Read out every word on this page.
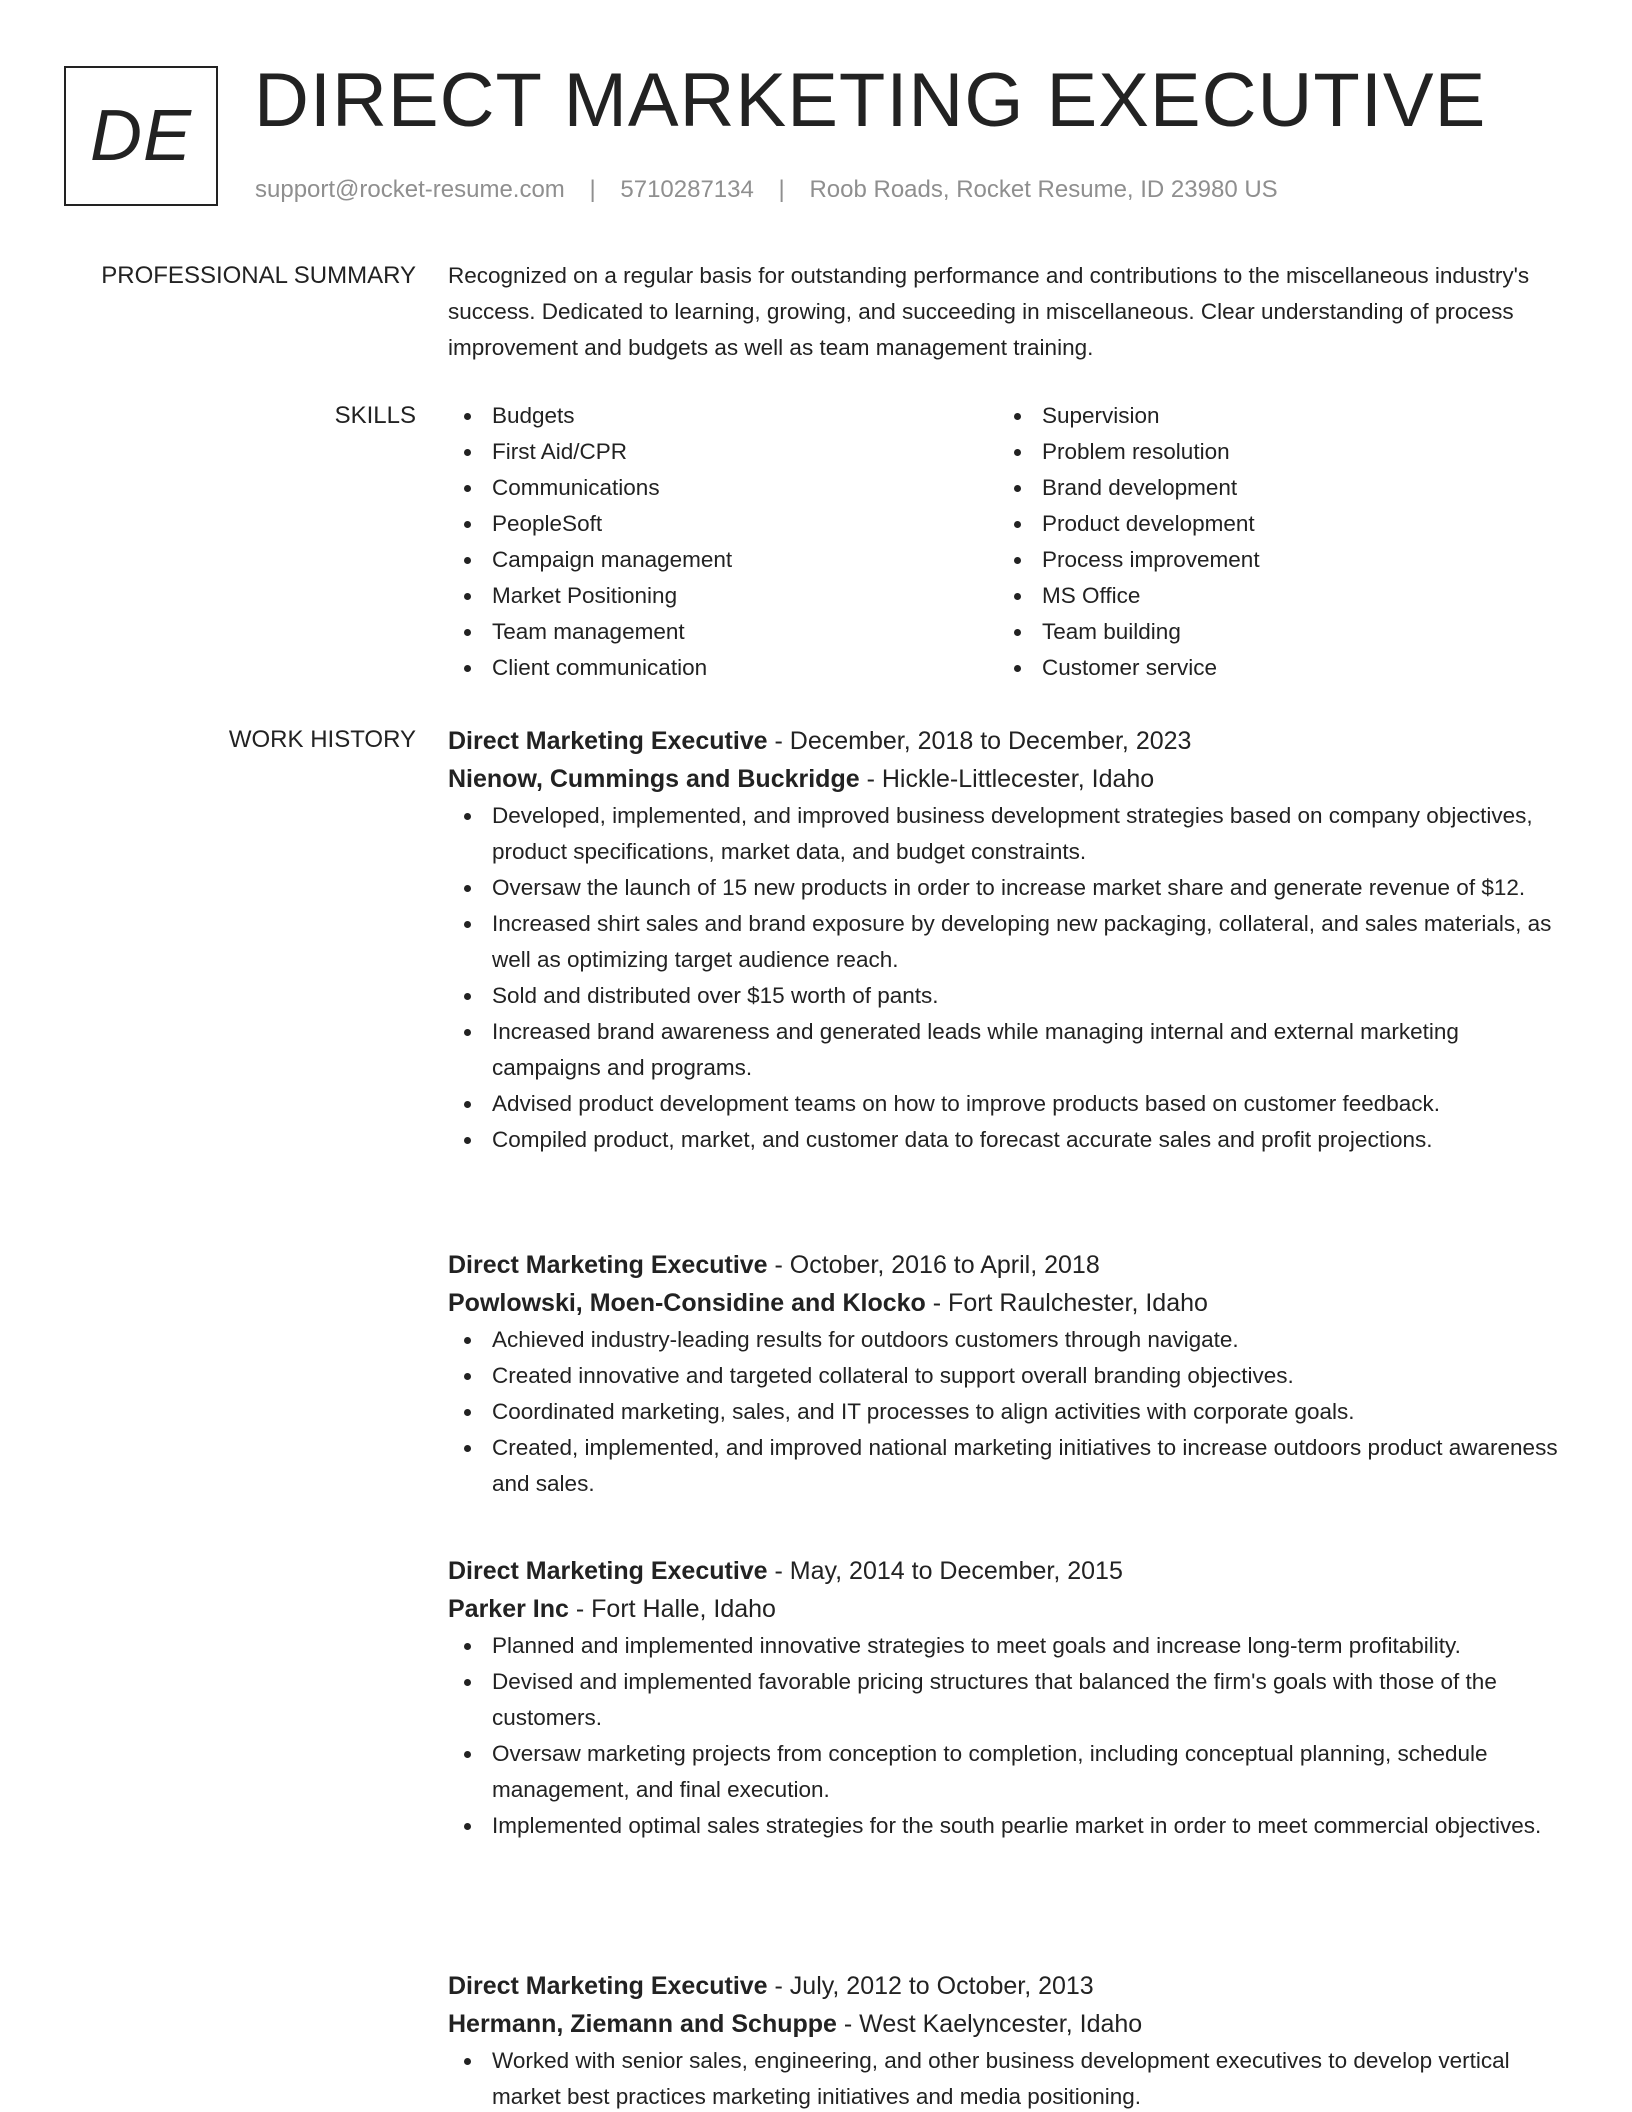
DE DIRECT MARKETING EXECUTIVE
support@rocket-resume.com | 5710287134 | Roob Roads, Rocket Resume, ID 23980 US
PROFESSIONAL SUMMARY Recognized on a regular basis for outstanding performance and contributions to the miscellaneous industry's success. Dedicated to learning, growing, and succeeding in miscellaneous. Clear understanding of process improvement and budgets as well as team management training.

SKILLS	Budgets
First Aid/CPR
Communications
PeopleSoft
Campaign management
Market Positioning
Team management
Client communication
Supervision
Problem resolution
Brand development
Product development
Process improvement
MS Office
Team building
Customer service
WORK HISTORY Direct Marketing Executive - December, 2018 to December, 2023
Nienow, Cummings and Buckridge - Hickle-Littlecester, Idaho
Developed, implemented, and improved business development strategies based on company objectives, product specifications, market data, and budget constraints.
Oversaw the launch of 15 new products in order to increase market share and generate revenue of $12.
Increased shirt sales and brand exposure by developing new packaging, collateral, and sales materials, as well as optimizing target audience reach.
Sold and distributed over $15 worth of pants.
Increased brand awareness and generated leads while managing internal and external marketing campaigns and programs.
Advised product development teams on how to improve products based on customer feedback.
Compiled product, market, and customer data to forecast accurate sales and profit projections.
Direct Marketing Executive - October, 2016 to April, 2018
Powlowski, Moen-Considine and Klocko - Fort Raulchester, Idaho
Achieved industry-leading results for outdoors customers through navigate.
Created innovative and targeted collateral to support overall branding objectives.
Coordinated marketing, sales, and IT processes to align activities with corporate goals.
Created, implemented, and improved national marketing initiatives to increase outdoors product awareness and sales.
Direct Marketing Executive - May, 2014 to December, 2015
Parker Inc - Fort Halle, Idaho
Planned and implemented innovative strategies to meet goals and increase long-term profitability.
Devised and implemented favorable pricing structures that balanced the firm's goals with those of the customers.
Oversaw marketing projects from conception to completion, including conceptual planning, schedule management, and final execution.
Implemented optimal sales strategies for the south pearlie market in order to meet commercial objectives.
Direct Marketing Executive - July, 2012 to October, 2013
Hermann, Ziemann and Schuppe - West Kaelyncester, Idaho
Worked with senior sales, engineering, and other business development executives to develop vertical market best practices marketing initiatives and media positioning.
